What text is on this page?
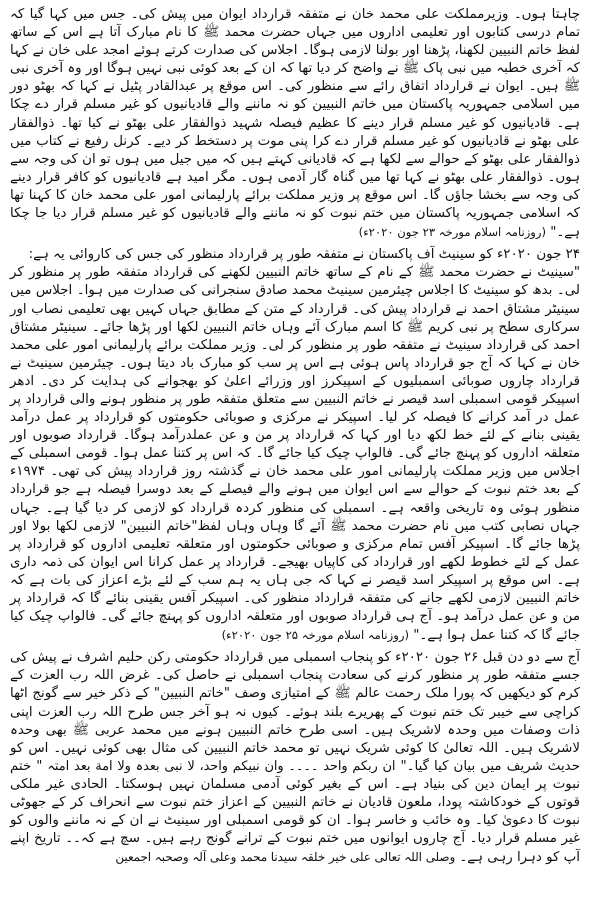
چاہتا ہوں۔ وزیرمملکت علی محمد خان نے متفقہ قرارداد ایوان میں پیش کی۔ جس میں کہا گیا کہ تمام درسی کتابوں اور تعلیمی اداروں میں جہاں حضرت محمد ﷺ کا نام مبارک آتا ہے اس کے ساتھ لفظ خاتم النبیین لکھنا، پڑھنا اور بولنا لازمی ہوگا۔ اجلاس کی صدارت کرتے ہوئے امجد علی خان نے کہا کہ آخری خطبہ میں نبی پاک ﷺ نے واضح کر دیا تھا کہ ان کے بعد کوئی نبی نہیں ہوگا اور وہ آخری نبی ﷺ ہیں۔ ایوان نے قرارداد اتفاق رائے سے منظور کی۔ اس موقع پر عبدالقادر پٹیل نے کہا کہ بھٹو دور میں اسلامی جمہوریہ پاکستان میں خاتم النبیین کو نہ ماننے والے قادیانیوں کو غیر مسلم قرار دے چکا ہے۔ قادیانیوں کو غیر مسلم قرار دینے کا عظیم فیصلہ شہید ذوالفقار علی بھٹو نے کیا تھا۔ ذوالفقار علی بھٹو نے قادیانیوں کو غیر مسلم قرار دے کرا پنی موت پر دستخط کر دیے۔ کرنل رفیع نے کتاب میں ذوالفقار علی بھٹو کے حوالے سے لکھا ہے کہ قادیانی کہتے ہیں کہ میں جیل میں ہوں تو ان کی وجہ سے ہوں۔ ذوالفقار علی بھٹو نے کہا تھا میں گناہ گار آدمی ہوں۔ مگر امید ہے قادیانیوں کو کافر قرار دینے کی وجہ سے بخشا جاؤں گا۔ اس موقع پر وزیر مملکت برائے پارلیمانی امور علی محمد خان کا کہنا تھا کہ اسلامی جمہوریہ پاکستان میں ختم نبوت کو نہ ماننے والے قادیانیوں کو غیر مسلم قرار دیا جا چکا ہے۔" (روزنامہ اسلام مورخہ ۲۳ جون ۲۰۲۰ء)

۲۴ جون ۲۰۲۰ء کو سینیٹ آف پاکستان نے متفقہ طور پر قرارداد منظور کی جس کی کاروائی یہ ہے:

"سینیٹ نے حضرت محمد ﷺ کے نام کے ساتھ خاتم النبیین لکھنے کی قرارداد متفقہ طور پر منظور کر لی۔ بدھ کو سینیٹ کا اجلاس چیئرمین سینیٹ محمد صادق سنجرانی کی صدارت میں ہوا۔ اجلاس میں سینیٹر مشتاق احمد نے قرارداد پیش کی۔ قرارداد کے متن کے مطابق جہاں کہیں بھی تعلیمی نصاب اور سرکاری سطح پر نبی کریم ﷺ کا اسم مبارک آئے وہاں خاتم النبیین لکھا اور پڑھا جائے۔ سینیٹر مشتاق احمد کی قرارداد سینیٹ نے متفقہ طور پر منظور کر لی۔ وزیر مملکت برائے پارلیمانی امور علی محمد خان نے کہا کہ آج جو قرارداد پاس ہوئی ہے اس پر سب کو مبارک باد دیتا ہوں۔ چیئرمین سینیٹ نے قرارداد چاروں صوبائی اسمبلیوں کے اسپیکرز اور وزرائے اعلیٰ کو بھجوانے کی ہدایت کر دی۔ ادھر اسپیکر قومی اسمبلی اسد قیصر نے خاتم النبیین سے متعلق متفقہ طور پر منظور ہونے والی قرارداد پر عمل در آمد کرانے کا فیصلہ کر لیا۔ اسپیکر نے مرکزی و صوبائی حکومتوں کو قرارداد پر عمل درآمد یقینی بنانے کے لئے خط لکھ دیا اور کہا کہ قرارداد پر من و عن عملدرآمد ہوگا۔ قرارداد صوبوں اور متعلقہ اداروں کو پہنچ جائے گی۔ فالواپ چیک کیا جائے گا۔ کہ اس پر کتنا عمل ہوا۔ قومی اسمبلی کے اجلاس میں وزیر مملکت پارلیمانی امور علی محمد خان نے گذشتہ روز قرارداد پیش کی تھی۔ ۱۹۷۴ء کے بعد ختم نبوت کے حوالے سے اس ایوان میں ہونے والے فیصلے کے بعد دوسرا فیصلہ ہے جو قرارداد منظور ہوئی وہ تاریخی واقعہ ہے۔ اسمبلی کی منظور کردہ قرارداد کو لازمی کر دیا گیا ہے۔ جہاں جہاں نصابی کتب میں نام حضرت محمد ﷺ آئے گا وہاں وہاں لفظ"خاتم النبیین" لازمی لکھا بولا اور پڑھا جائے گا۔ اسپیکر آفس تمام مرکزی و صوبائی حکومتوں اور متعلقہ تعلیمی اداروں کو قرارداد پر عمل کے لئے خطوط لکھے اور قرارداد کی کاپیاں بھیجے۔ قرارداد پر عمل کرانا اس ایوان کی ذمہ داری ہے۔ اس موقع پر اسپیکر اسد قیصر نے کہا کہ جی ہاں یہ ہم سب کے لئے بڑے اعزاز کی بات ہے کہ خاتم النبیین لازمی لکھے جانے کی متفقہ قرارداد منظور کی۔ اسپیکر آفس یقینی بنائے گا کہ قرارداد پر من و عن عمل درآمد ہو۔ آج ہی قرارداد صوبوں اور متعلقہ اداروں کو پہنچ جائے گی۔ فالواپ چیک کیا جائے گا کہ کتنا عمل ہوا ہے۔" (روزنامہ اسلام مورخہ ۲۵ جون ۲۰۲۰ء)

آج سے دو دن قبل ۲۶ جون ۲۰۲۰ء کو پنجاب اسمبلی میں قرارداد حکومتی رکن حلیم اشرف نے پیش کی جسے متفقہ طور پر منظور کرنے کی سعادت پنجاب اسمبلی نے حاصل کی۔ غرض اللہ رب العزت کے کرم کو دیکھیں کہ پورا ملک رحمت عالم ﷺ کے امتیازی وصف "خاتم النبیین" کے ذکر خیر سے گونج اٹھا کراچی سے خیبر تک ختم نبوت کے پھریرے بلند ہوئے۔ کیوں نہ ہو آخر جس طرح اللہ رب العزت اپنی ذات وصفات میں وحدہ لاشریک ہیں۔ اسی طرح خاتم النبیین ہونے میں محمد عربی ﷺ بھی وحدہ لاشریک ہیں۔ اللہ تعالیٰ کا کوئی شریک نہیں تو محمد خاتم النبیین کی مثال بھی کوئی نہیں۔ اس کو حدیث شریف میں بیان کیا گیا۔" ان ربکم واحد ۔۔۔۔ وان نبیکم واحد، لا نبی بعدہ ولا امة بعد امتہ " ختم نبوت پر ایمان دین کی بنیاد ہے۔ اس کے بغیر کوئی آدمی مسلمان نہیں ہوسکتا۔ الحادی غیر ملکی قوتوں کے خودکاشتہ پودا، ملعون قادیان نے خاتم النبیین کے اعزاز ختم نبوت سے انحراف کر کے جھوٹی نبوت کا دعویٰ کیا۔ وہ خائب و خاسر ہوا۔ ان کو قومی اسمبلی اور سینیٹ نے ان کے نہ ماننے والوں کو غیر مسلم قرار دیا۔ آج چاروں ایوانوں میں ختم نبوت کے ترانے گونج رہے ہیں۔ سچ ہے کہ۔۔ تاریخ اپنے آپ کو دہرا رہی ہے۔ وصلی اللہ تعالی علی خیر خلقہ سیدنا محمد وعلی آلہ وصحبہ اجمعین
